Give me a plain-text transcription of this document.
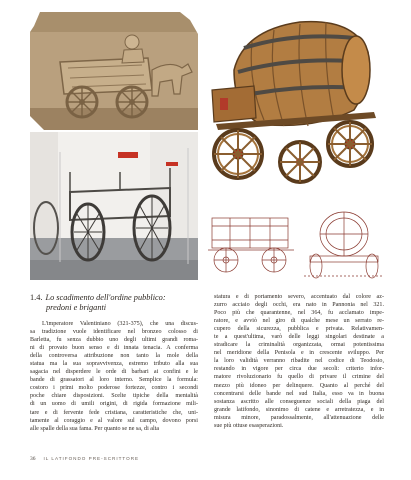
1.4. Lo scadimento dell'ordine pubblico:
predoni e briganti
L'imperatore Valentiniano (321-375), che una discus-
sa tradizione vuole identificare nel bronzeo colosso di
Barletta, fu senza dubbio uno degli ultimi grandi roma-
ni di provato buon senso e di innata tenacia. A conferma
della controversa attribuzione non tanto la mole della
statua ma la sua sopravvivenza, estremo tributo alla sua
sagacia nel disperdere le orde di barbari ai confini e le
bande di grassatori al loro interno. Semplice la formula:
costoro i primi molto poderose fortezze, contro i secondi
poche chiare disposizioni. Scelte tipiche della mentalità
di un uomo di umili origini, di rigida formazione mili-
tare e di fervente fede cristiana, caratteristiche che, uni-
tamente al coraggio e al valore sul campo, dovono porsi
alle spalle della sua fama. Per quanto se ne sa, di alta
statura e di portamento severo, accentuato dal colore az-
zurro acciaio degli occhi, era nato in Pannonia nel 321.
Poco più che quarantenne, nel 364, fu acclamato impe-
ratore, e avviò nel giro di qualche mese un serrato re-
cupero della sicurezza, pubblica e privata. Relativamen-
te a quest'ultima, varò delle leggi singolari destinate a
stradicare la criminalità organizzata, ormai potentissima
nel meridione della Penisola e in crescente sviluppo. Per
la loro validità verranno ribadite nel codice di Teodosio,
restando in vigore per circa due secoli: criterio infor-
matore rivoluzionario fu quello di privare il crimine del
mezzo più idoneo per delinquere. Quanto al perché del
concentrarsi delle bande nel sud Italia, esso va in buona
sostanza ascritto alle conseguenze sociali della piaga del
grande latifondo, sinonimo di catene e arretratezza, e in
misura minore, paradossalmente, all'attenuazione delle
sue più ottuse esasperazioni.
36 IL LATIFONDO PRE-SCRITTORE
